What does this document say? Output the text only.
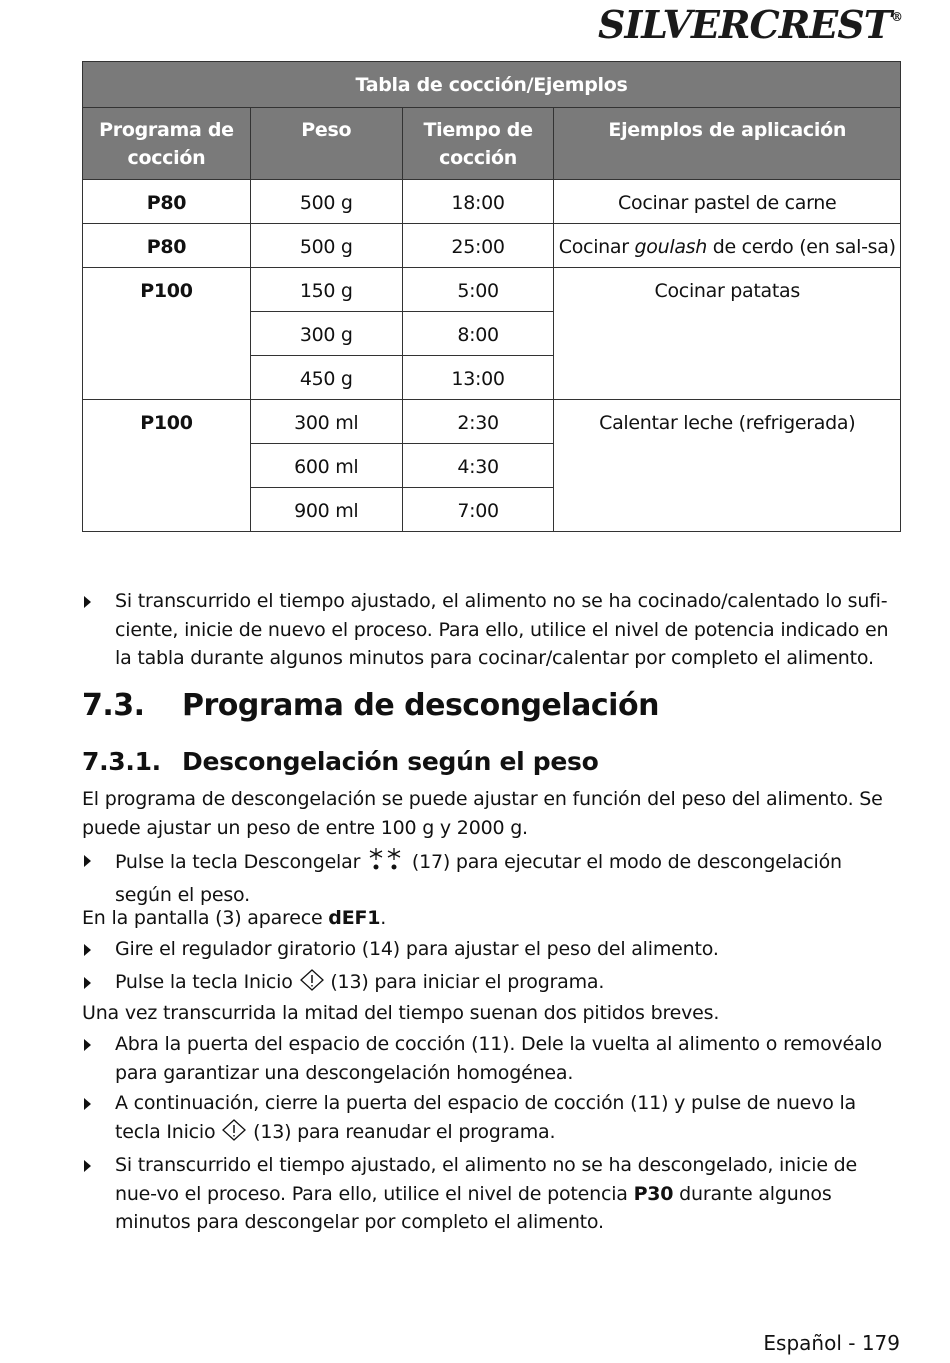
SILVERCREST®
Tabla de cocción/Ejemplos			
Programa de cocción	Peso	Tiempo de cocción	Ejemplos de aplicación
P80	500 g	18:00	Cocinar pastel de carne
P80	500 g	25:00	Cocinar goulash de cerdo (en sal-sa)
P100	150 g	5:00	Cocinar patatas
	300 g	8:00	
	450 g	13:00	
P100	300 ml	2:30	Calentar leche (refrigerada)
	600 ml	4:30	
	900 ml	7:00	
Si transcurrido el tiempo ajustado, el alimento no se ha cocinado/calentado lo sufi-ciente, inicie de nuevo el proceso. Para ello, utilice el nivel de potencia indicado en la tabla durante algunos minutos para cocinar/calentar por completo el alimento.
7.3. Programa de descongelación
7.3.1. Descongelación según el peso
El programa de descongelación se puede ajustar en función del peso del alimento. Se puede ajustar un peso de entre 100 g y 2000 g.
Pulse la tecla Descongelar	(17) para ejecutar el modo de descongelación según el peso.
En la pantalla (3) aparece dEF1.
Gire el regulador giratorio (14) para ajustar el peso del alimento.
Pulse la tecla Inicio (13) para iniciar el programa.
Una vez transcurrida la mitad del tiempo suenan dos pitidos breves.
Abra la puerta del espacio de cocción (11). Dele la vuelta al alimento o removéalo para garantizar una descongelación homogénea.
A continuación, cierre la puerta del espacio de cocción (11) y pulse de nuevo la tecla Inicio (13) para reanudar el programa.
Si transcurrido el tiempo ajustado, el alimento no se ha descongelado, inicie de nue-vo el proceso. Para ello, utilice el nivel de potencia P30 durante algunos minutos para descongelar por completo el alimento.
Español - 179
